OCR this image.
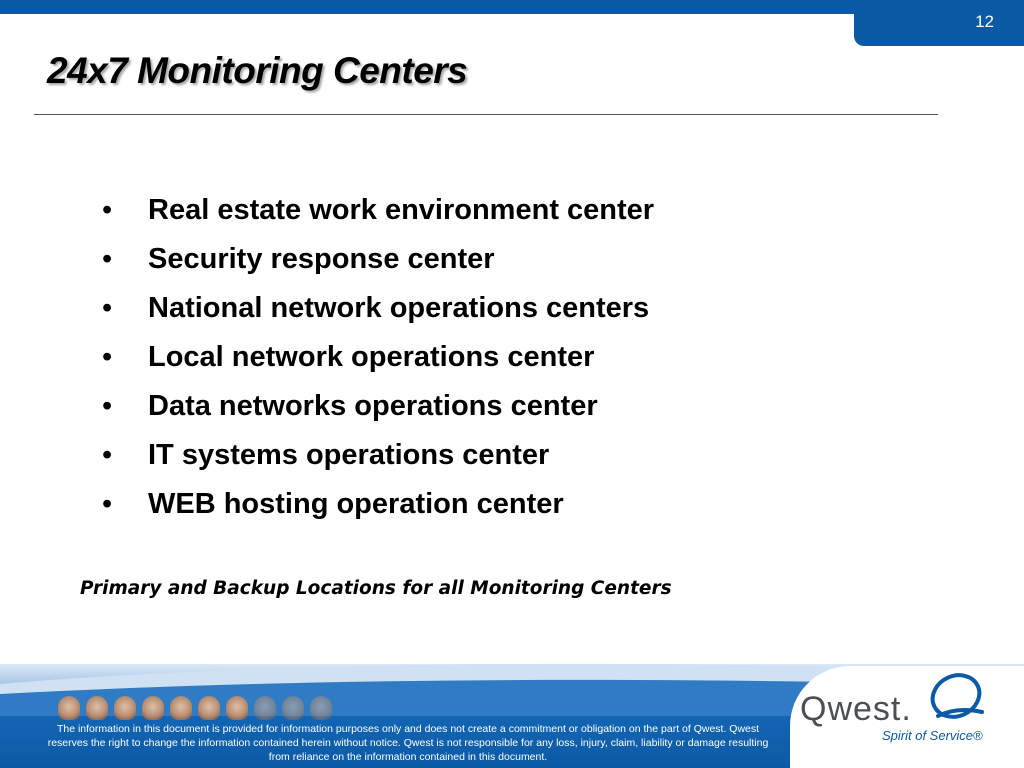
12
24x7 Monitoring Centers
• Real estate work environment center
• Security response center
• National network operations centers
• Local network operations center
• Data networks operations center
• IT systems operations center
• WEB hosting operation center
Primary and Backup Locations for all Monitoring Centers
Qwest.
Spirit of Service®
The information in this document is provided for information purposes only and does not create a commitment or obligation on the part of Qwest. Qwest
reserves the right to change the information contained herein without notice. Qwest is not responsible for any loss, injury, claim, liability or damage resulting
from reliance on the information contained in this document.
